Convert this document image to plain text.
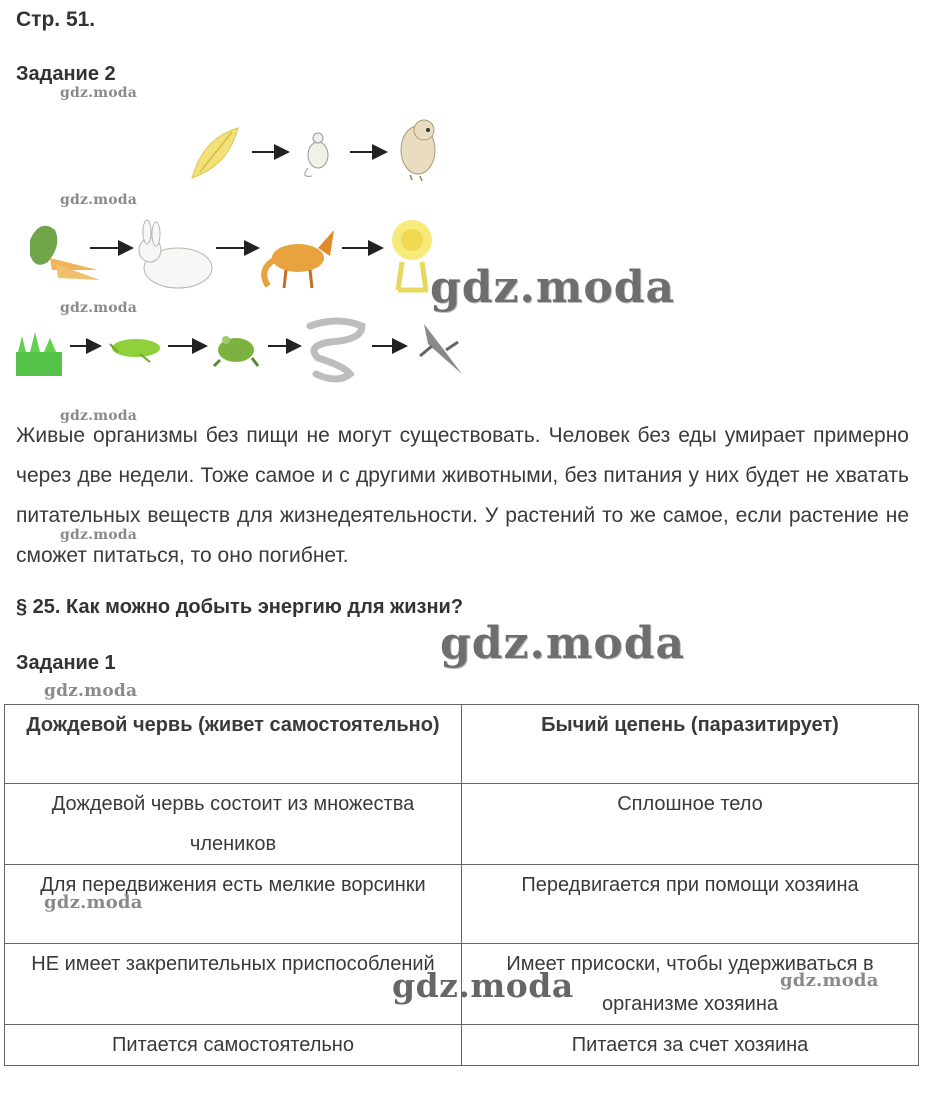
Стр. 51.
Задание 2
gdz.moda
gdz.moda
gdz.moda
gdz.moda
gdz.moda

Живые организмы без пищи не могут существовать. Человек без еды умирает примерно через две недели. Тоже самое и с другими животными, без питания у них будет не хватать питательных веществ для жизнедеятельности. У растений то же самое, если растение не сможет питаться, то оно погибнет.

gdz.moda
§ 25. Как можно добыть энергию для жизни?
gdz.moda
Задание 1
gdz.moda
Дождевой червь (живет самостоятельно)	Бычий цепень (паразитирует)
Дождевой червь состоит из множества члеников	Сплошное тело
Для передвижения есть мелкие ворсинки	Передвигается при помощи хозяина
НЕ имеет закрепительных приспособлений	Имеет присоски, чтобы удерживаться в организме хозяина
Питается самостоятельно	Питается за счет хозяина
gdz.moda
gdz.moda	gdz.moda
